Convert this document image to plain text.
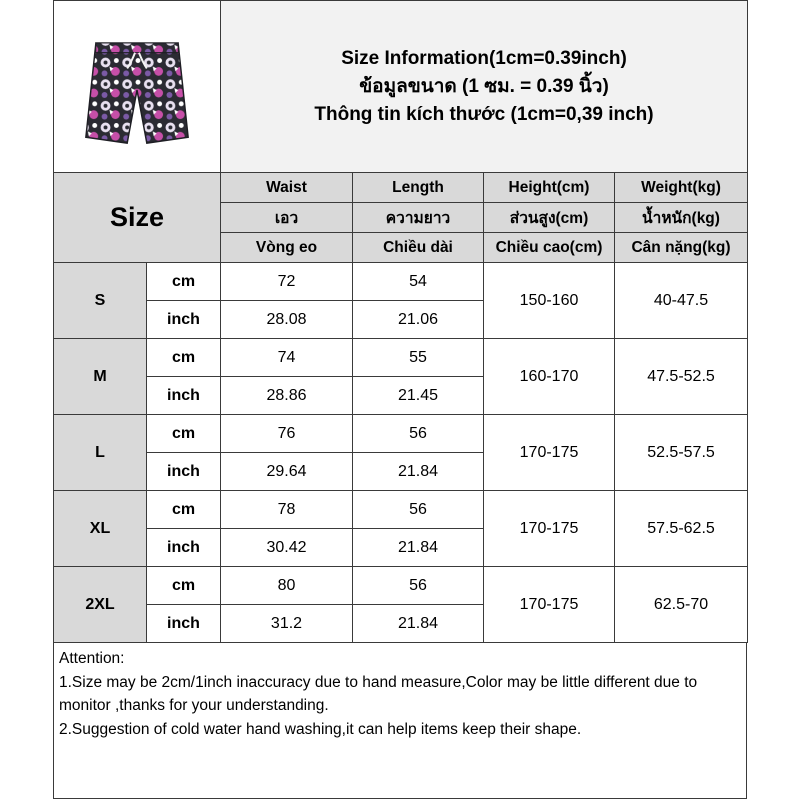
Size Information(1cm=0.39inch)
ข้อมูลขนาด (1 ซม. = 0.39 นิ้ว)
Thông tin kích thước (1cm=0,39 inch)			

Size		Waist	Length	Height(cm)	Weight(kg)
		เอว	ความยาว	ส่วนสูง(cm)	น้ำหนัก(kg)
		Vòng eo	Chiều dài	Chiều cao(cm)	Cân nặng(kg)
S	cm	72	54	150-160	40-47.5
	inch	28.08	21.06		
M	cm	74	55	160-170	47.5-52.5
	inch	28.86	21.45		
L	cm	76	56	170-175	52.5-57.5
	inch	29.64	21.84		
XL	cm	78	56	170-175	57.5-62.5
	inch	30.42	21.84		
2XL	cm	80	56	170-175	62.5-70
	inch	31.2	21.84		
Attention:
1.Size may be 2cm/1inch inaccuracy due to hand measure,Color may be little different due to monitor ,thanks for your understanding.
2.Suggestion of cold water hand washing,it can help items keep their shape.
